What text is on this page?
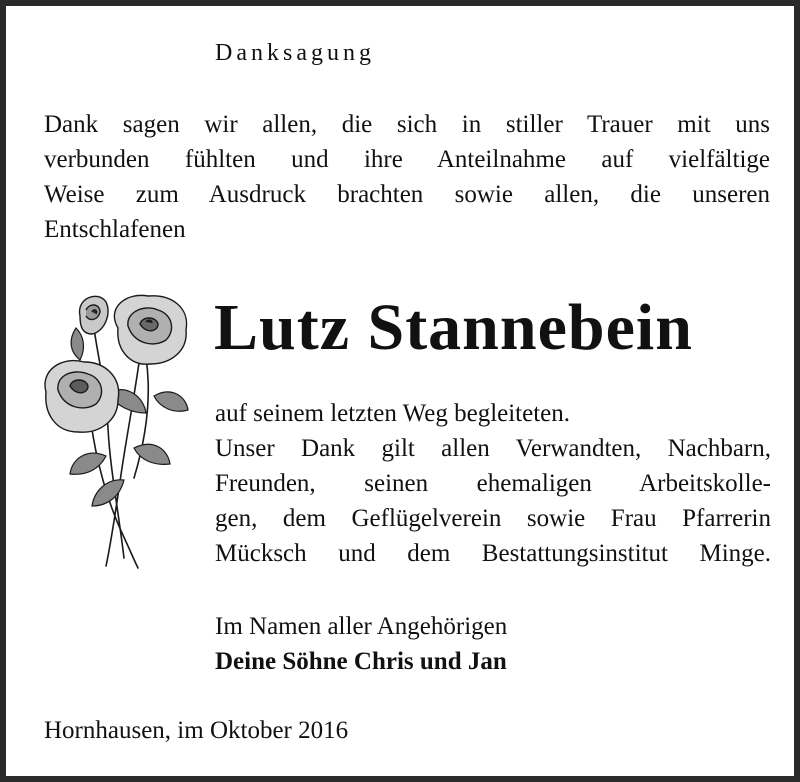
Danksagung
Dank sagen wir allen, die sich in stiller Trauer mit uns
verbunden fühlten und ihre Anteilnahme auf vielfältige
Weise zum Ausdruck brachten sowie allen, die unseren
Entschlafenen
Lutz Stannebein
auf seinem letzten Weg begleiteten.
Unser Dank gilt allen Verwandten, Nachbarn,
Freunden, seinen ehemaligen Arbeitskolle-
gen, dem Geflügelverein sowie Frau Pfarrerin
Mücksch und dem Bestattungsinstitut Minge.
Im Namen aller Angehörigen
Deine Söhne Chris und Jan
Hornhausen, im Oktober 2016
